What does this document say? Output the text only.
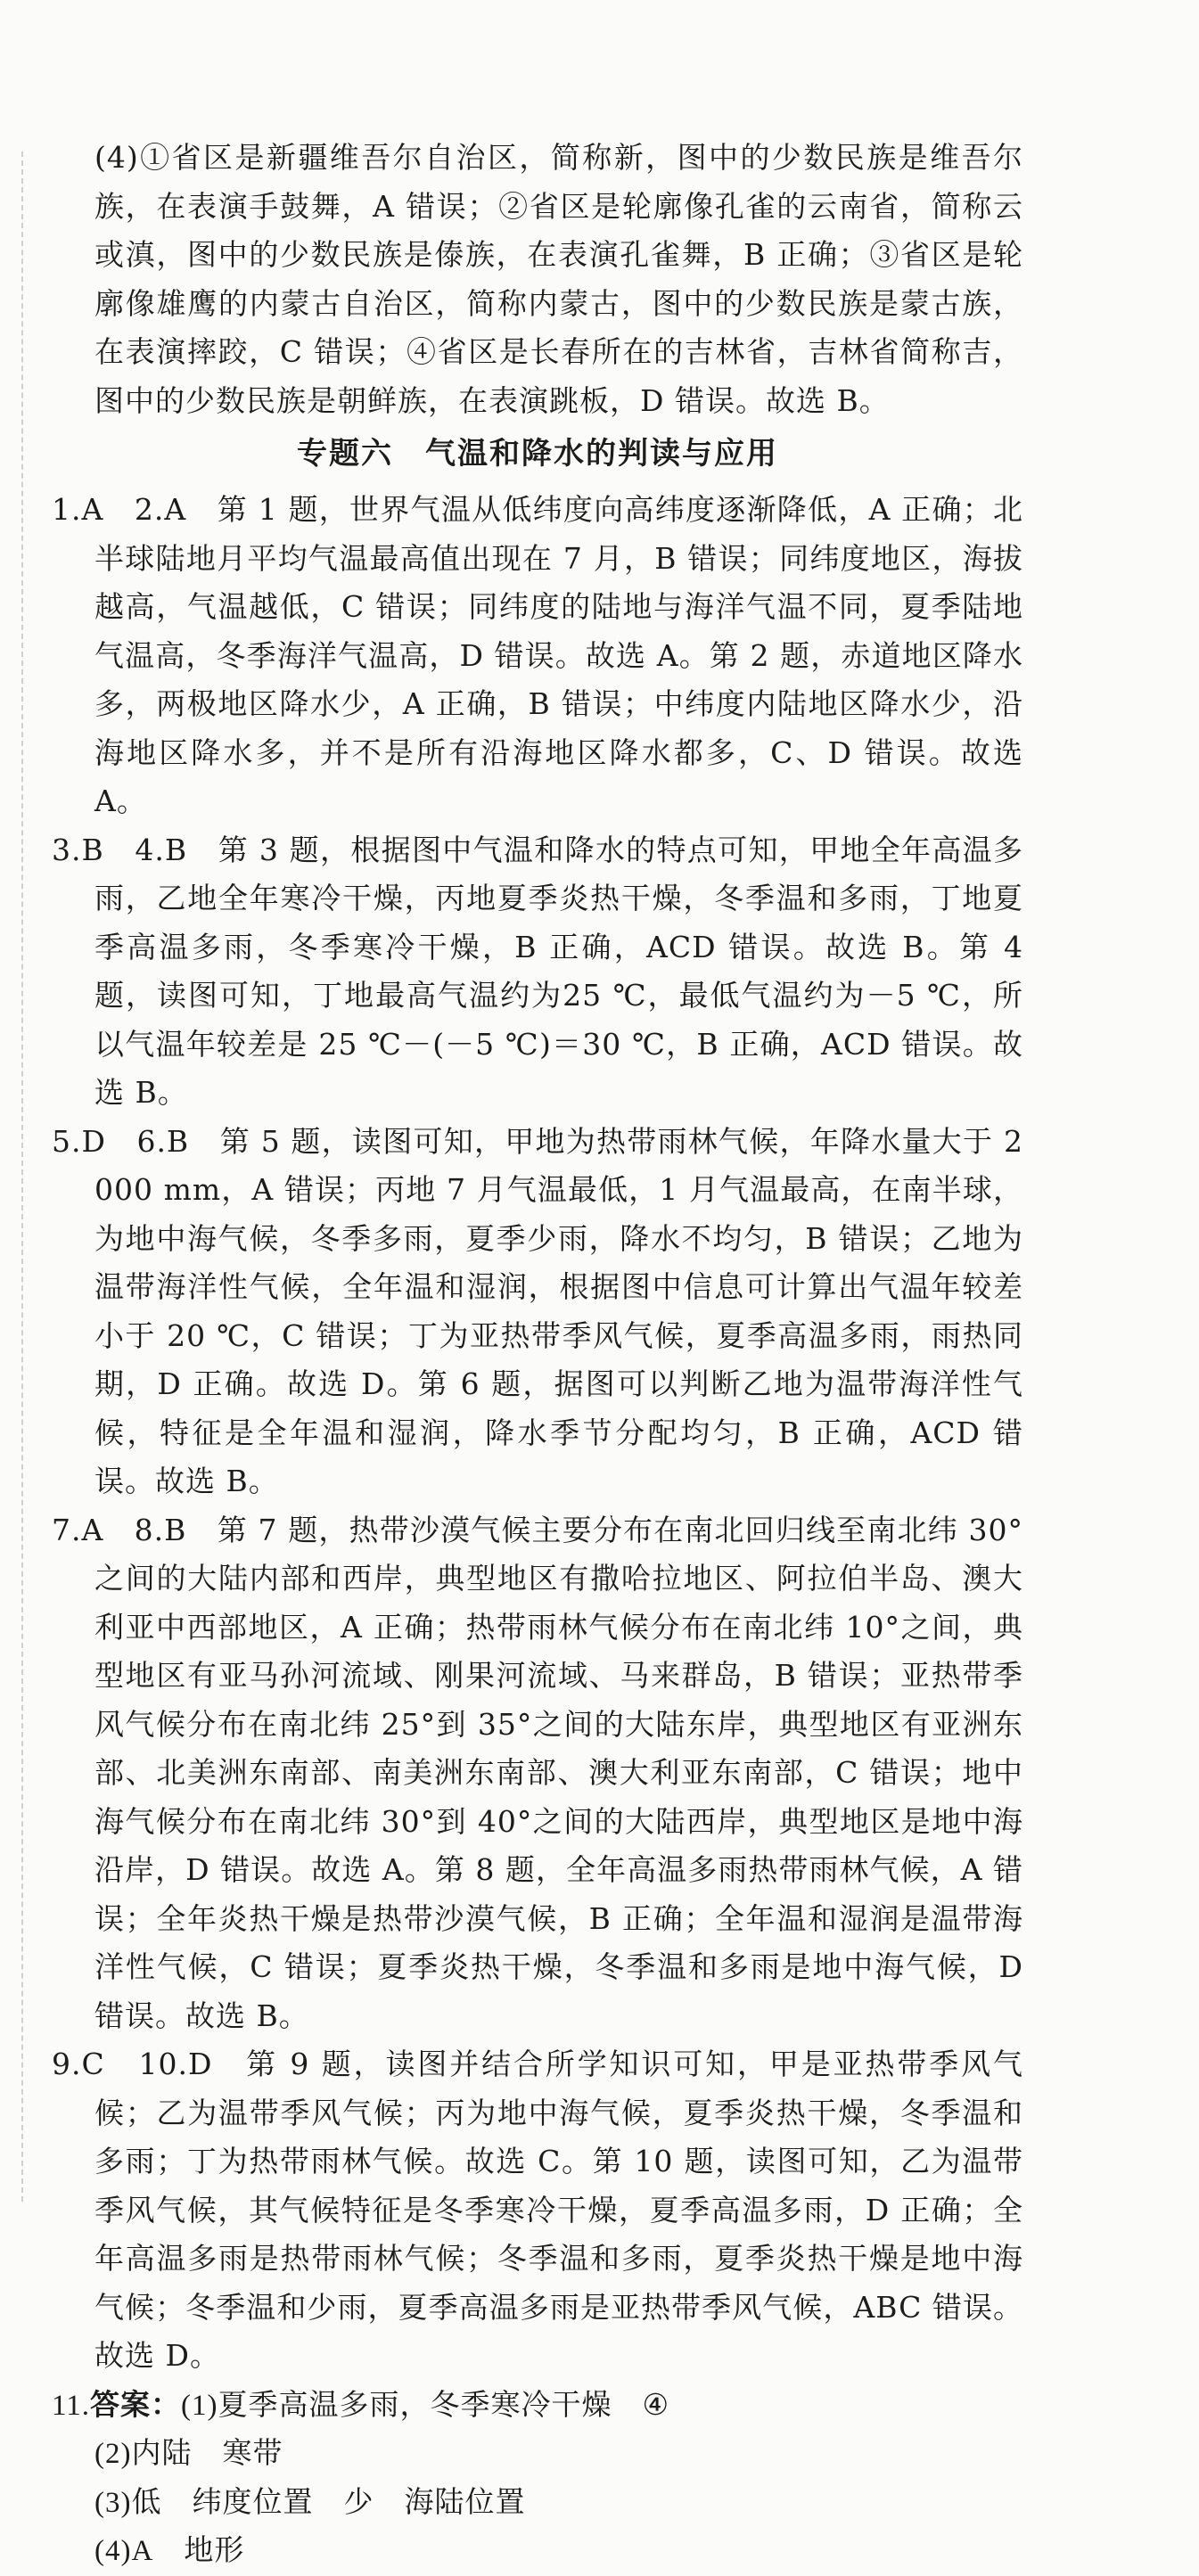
(4)①省区是新疆维吾尔自治区，简称新，图中的少数民族是维吾尔族，在表演手鼓舞，A 错误；②省区是轮廓像孔雀的云南省，简称云或滇，图中的少数民族是傣族，在表演孔雀舞，B 正确；③省区是轮廓像雄鹰的内蒙古自治区，简称内蒙古，图中的少数民族是蒙古族，在表演摔跤，C 错误；④省区是长春所在的吉林省，吉林省简称吉，图中的少数民族是朝鲜族，在表演跳板，D 错误。故选 B。

专题六　气温和降水的判读与应用

1.A　2.A　第 1 题，世界气温从低纬度向高纬度逐渐降低，A 正确；北半球陆地月平均气温最高值出现在 7 月，B 错误；同纬度地区，海拔越高，气温越低，C 错误；同纬度的陆地与海洋气温不同，夏季陆地气温高，冬季海洋气温高，D 错误。故选 A。第 2 题，赤道地区降水多，两极地区降水少，A 正确，B 错误；中纬度内陆地区降水少，沿海地区降水多，并不是所有沿海地区降水都多，C、D 错误。故选 A。

3.B　4.B　第 3 题，根据图中气温和降水的特点可知，甲地全年高温多雨，乙地全年寒冷干燥，丙地夏季炎热干燥，冬季温和多雨，丁地夏季高温多雨，冬季寒冷干燥，B 正确，ACD 错误。故选 B。第 4 题，读图可知，丁地最高气温约为25 ℃，最低气温约为－5 ℃，所以气温年较差是 25 ℃－(－5 ℃)＝30 ℃，B 正确，ACD 错误。故选 B。

5.D　6.B　第 5 题，读图可知，甲地为热带雨林气候，年降水量大于 2 000 mm，A 错误；丙地 7 月气温最低，1 月气温最高，在南半球，为地中海气候，冬季多雨，夏季少雨，降水不均匀，B 错误；乙地为温带海洋性气候，全年温和湿润，根据图中信息可计算出气温年较差小于 20 ℃，C 错误；丁为亚热带季风气候，夏季高温多雨，雨热同期，D 正确。故选 D。第 6 题，据图可以判断乙地为温带海洋性气候，特征是全年温和湿润，降水季节分配均匀，B 正确，ACD 错误。故选 B。

7.A　8.B　第 7 题，热带沙漠气候主要分布在南北回归线至南北纬 30°之间的大陆内部和西岸，典型地区有撒哈拉地区、阿拉伯半岛、澳大利亚中西部地区，A 正确；热带雨林气候分布在南北纬 10°之间，典型地区有亚马孙河流域、刚果河流域、马来群岛，B 错误；亚热带季风气候分布在南北纬 25°到 35°之间的大陆东岸，典型地区有亚洲东部、北美洲东南部、南美洲东南部、澳大利亚东南部，C 错误；地中海气候分布在南北纬 30°到 40°之间的大陆西岸，典型地区是地中海沿岸，D 错误。故选 A。第 8 题，全年高温多雨热带雨林气候，A 错误；全年炎热干燥是热带沙漠气候，B 正确；全年温和湿润是温带海洋性气候，C 错误；夏季炎热干燥，冬季温和多雨是地中海气候，D 错误。故选 B。

9.C　10.D　第 9 题，读图并结合所学知识可知，甲是亚热带季风气候；乙为温带季风气候；丙为地中海气候，夏季炎热干燥，冬季温和多雨；丁为热带雨林气候。故选 C。第 10 题，读图可知，乙为温带季风气候，其气候特征是冬季寒冷干燥，夏季高温多雨，D 正确；全年高温多雨是热带雨林气候；冬季温和多雨，夏季炎热干燥是地中海气候；冬季温和少雨，夏季高温多雨是亚热带季风气候，ABC 错误。故选 D。

11.答案：(1)夏季高温多雨，冬季寒冷干燥 ④

(2)内陆 寒带

(3)低 纬度位置 少 海陆位置

(4)A 地形
